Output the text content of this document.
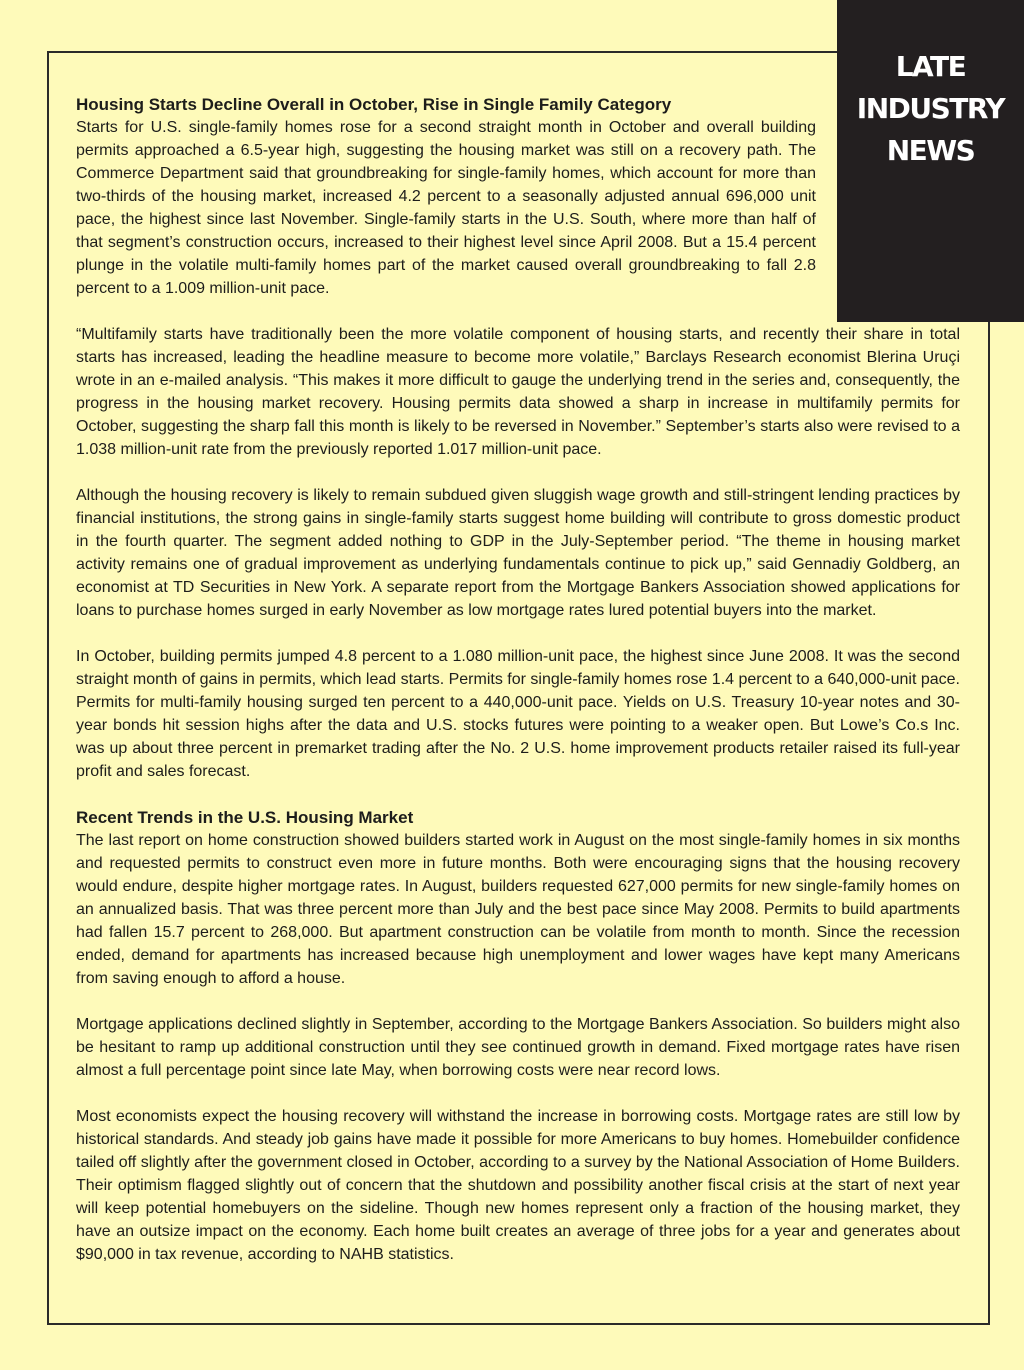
LATE
INDUSTRY
NEWS
Housing Starts Decline Overall in October, Rise in Single Family Category

Starts for U.S. single-family homes rose for a second straight month in October and overall building permits approached a 6.5-year high, suggesting the housing market was still on a recovery path. The Commerce Department said that groundbreaking for single-family homes, which account for more than two-thirds of the housing market, increased 4.2 percent to a seasonally adjusted annual 696,000 unit pace, the highest since last November. Single-family starts in the U.S. South, where more than half of that segment’s construction occurs, increased to their highest level since April 2008. But a 15.4 percent plunge in the volatile multi-family homes part of the market caused overall groundbreaking to fall 2.8 percent to a 1.009 million-unit pace.

“Multifamily starts have traditionally been the more volatile component of housing starts, and recently their share in total starts has increased, leading the headline measure to become more volatile,” Barclays Research economist Blerina Uruçi wrote in an e-mailed analysis. “This makes it more difficult to gauge the underlying trend in the series and, consequently, the progress in the housing market recovery. Housing permits data showed a sharp in increase in multifamily permits for October, suggesting the sharp fall this month is likely to be reversed in November.” September’s starts also were revised to a 1.038 million-unit rate from the previously reported 1.017 million-unit pace.

Although the housing recovery is likely to remain subdued given sluggish wage growth and still-stringent lending practices by financial institutions, the strong gains in single-family starts suggest home building will contribute to gross domestic product in the fourth quarter. The segment added nothing to GDP in the July-September period. “The theme in housing market activity remains one of gradual improvement as underlying fundamentals continue to pick up,” said Gennadiy Goldberg, an economist at TD Securities in New York. A separate report from the Mortgage Bankers Association showed applications for loans to purchase homes surged in early November as low mortgage rates lured potential buyers into the market.

In October, building permits jumped 4.8 percent to a 1.080 million-unit pace, the highest since June 2008. It was the second straight month of gains in permits, which lead starts. Permits for single-family homes rose 1.4 percent to a 640,000-unit pace. Permits for multi-family housing surged ten percent to a 440,000-unit pace. Yields on U.S. Treasury 10-year notes and 30-year bonds hit session highs after the data and U.S. stocks futures were pointing to a weaker open. But Lowe’s Co.s Inc. was up about three percent in premarket trading after the No. 2 U.S. home improvement products retailer raised its full-year profit and sales forecast.

Recent Trends in the U.S. Housing Market

The last report on home construction showed builders started work in August on the most single-family homes in six months and requested permits to construct even more in future months. Both were encouraging signs that the housing recovery would endure, despite higher mortgage rates. In August, builders requested 627,000 permits for new single-family homes on an annualized basis. That was three percent more than July and the best pace since May 2008. Permits to build apartments had fallen 15.7 percent to 268,000. But apartment construction can be volatile from month to month. Since the recession ended, demand for apartments has increased because high unemployment and lower wages have kept many Americans from saving enough to afford a house.

Mortgage applications declined slightly in September, according to the Mortgage Bankers Association. So builders might also be hesitant to ramp up additional construction until they see continued growth in demand. Fixed mortgage rates have risen almost a full percentage point since late May, when borrowing costs were near record lows.

Most economists expect the housing recovery will withstand the increase in borrowing costs. Mortgage rates are still low by historical standards. And steady job gains have made it possible for more Americans to buy homes. Homebuilder confidence tailed off slightly after the government closed in October, according to a survey by the National Association of Home Builders. Their optimism flagged slightly out of concern that the shutdown and possibility another fiscal crisis at the start of next year will keep potential homebuyers on the sideline. Though new homes represent only a fraction of the housing market, they have an outsize impact on the economy. Each home built creates an average of three jobs for a year and generates about $90,000 in tax revenue, according to NAHB statistics.
